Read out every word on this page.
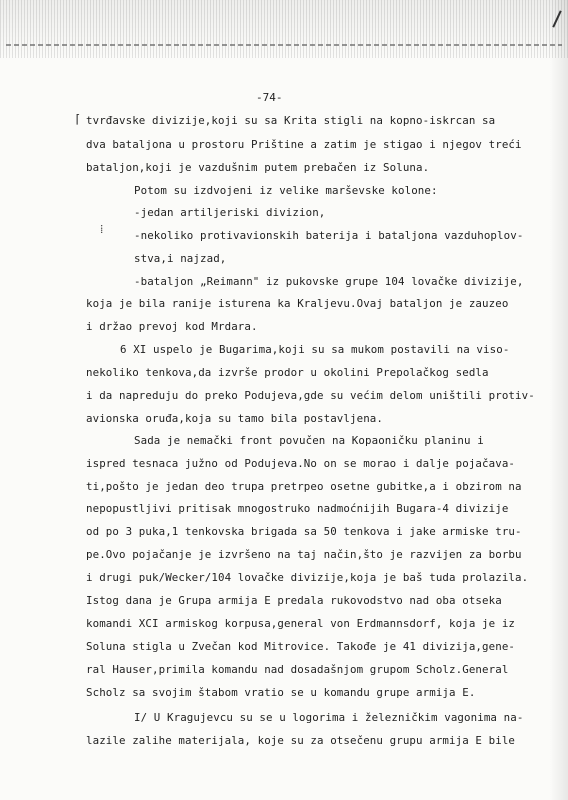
-74-
⌈
⁞
tvrđavske divizije,koji su sa Krita stigli na kopno-iskrcan sa
dva bataljona u prostoru Prištine a zatim je stigao i njegov treći
bataljon,koji je vazdušnim putem prebačen iz Soluna.
Potom su izdvojeni iz velike marševske kolone:
-jedan artiljeriski divizion,
-nekoliko protivavionskih baterija i bataljona vazduhoplov-
stva,i najzad,
-bataljon „Reimann" iz pukovske grupe 104 lovačke divizije,
koja je bila ranije isturena ka Kraljevu.Ovaj bataljon je zauzeo
i držao prevoj kod Mrdara.
6 XI uspelo je Bugarima,koji su sa mukom postavili na viso-
nekoliko tenkova,da izvrše prodor u okolini Prepolačkog sedla
i da napreduju do preko Podujeva,gde su većim delom uništili protiv-
avionska oruđa,koja su tamo bila postavljena.
Sada je nemački front povučen na Kopaoničku planinu i
ispred tesnaca južno od Podujeva.No on se morao i dalje pojačava-
ti,pošto je jedan deo trupa pretrpeo osetne gubitke,a i obzirom na
nepopustljivi pritisak mnogostruko nadmoćnijih Bugara-4 divizije
od po 3 puka,1 tenkovska brigada sa 50 tenkova i jake armiske tru-
pe.Ovo pojačanje je izvršeno na taj način,što je razvijen za borbu
i drugi puk/Wecker/104 lovačke divizije,koja je baš tuda prolazila.
Istog dana je Grupa armija E predala rukovodstvo nad oba otseka
komandi XCI armiskog korpusa,general von Erdmannsdorf, koja je iz
Soluna stigla u Zvečan kod Mitrovice. Takođe je 41 divizija,gene-
ral Hauser,primila komandu nad dosadašnjom grupom Scholz.General
Scholz sa svojim štabom vratio se u komandu grupe armija E.
I/ U Kragujevcu su se u logorima i železničkim vagonima na-
lazile zalihe materijala, koje su za otsečenu grupu armija E bile
